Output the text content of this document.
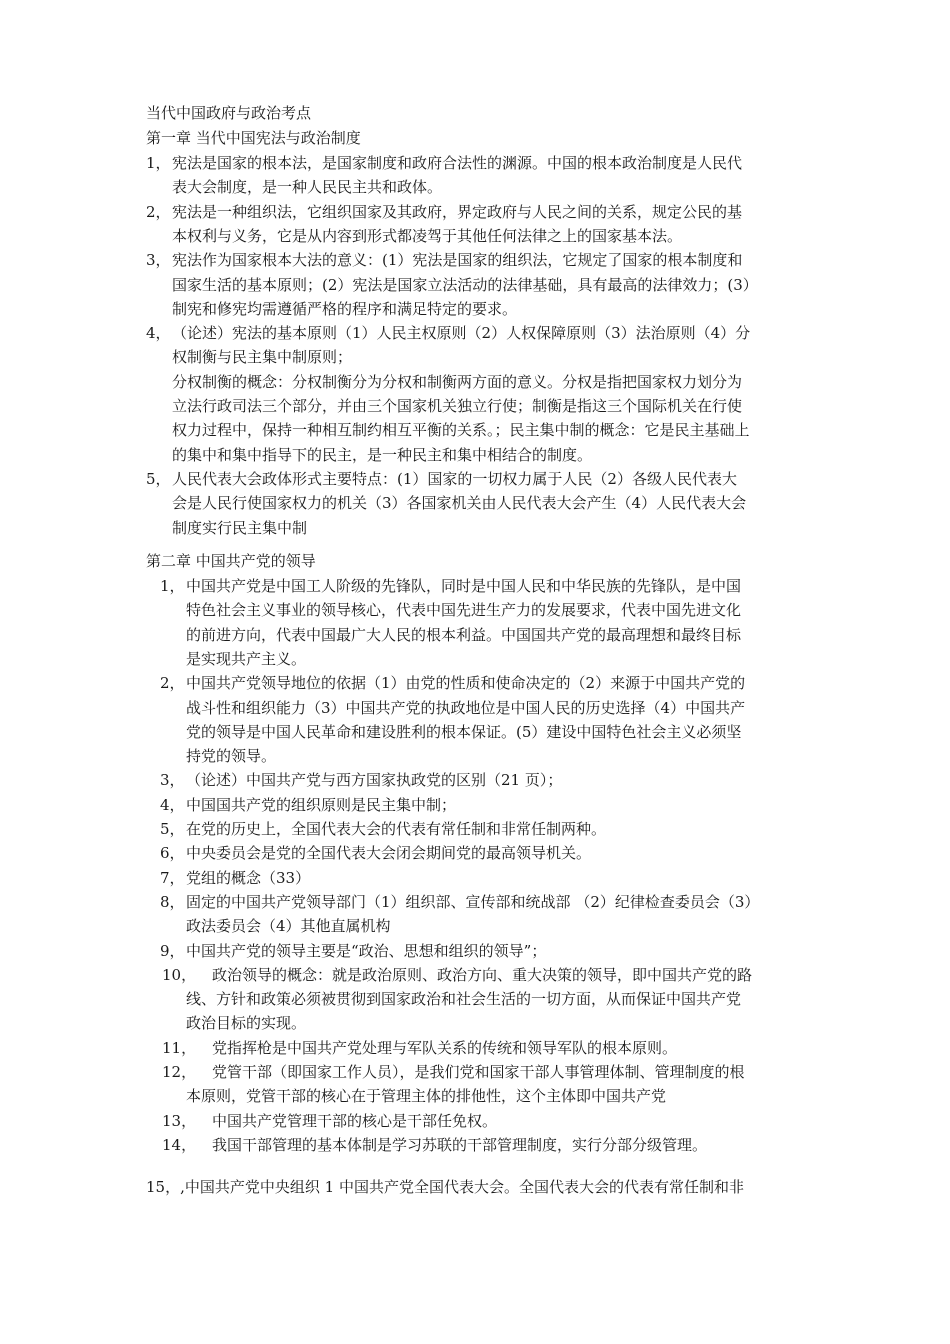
当代中国政府与政治考点
第一章 当代中国宪法与政治制度
1， 宪法是国家的根本法，是国家制度和政府合法性的渊源。中国的根本政治制度是人民代
表大会制度，是一种人民民主共和政体。
2， 宪法是一种组织法，它组织国家及其政府，界定政府与人民之间的关系，规定公民的基
本权利与义务，它是从内容到形式都凌驾于其他任何法律之上的国家基本法。
3， 宪法作为国家根本大法的意义：(1）宪法是国家的组织法，它规定了国家的根本制度和
国家生活的基本原则；(2）宪法是国家立法活动的法律基础，具有最高的法律效力；(3）
制宪和修宪均需遵循严格的程序和满足特定的要求。
4， （论述）宪法的基本原则（1）人民主权原则（2）人权保障原则（3）法治原则（4）分
权制衡与民主集中制原则；
分权制衡的概念：分权制衡分为分权和制衡两方面的意义。分权是指把国家权力划分为
立法行政司法三个部分，并由三个国家机关独立行使；制衡是指这三个国际机关在行使
权力过程中，保持一种相互制约相互平衡的关系。；民主集中制的概念：它是民主基础上
的集中和集中指导下的民主，是一种民主和集中相结合的制度。
5， 人民代表大会政体形式主要特点：(1）国家的一切权力属于人民（2）各级人民代表大
会是人民行使国家权力的机关（3）各国家机关由人民代表大会产生（4）人民代表大会
制度实行民主集中制
第二章 中国共产党的领导
1， 中国共产党是中国工人阶级的先锋队，同时是中国人民和中华民族的先锋队，是中国
特色社会主义事业的领导核心，代表中国先进生产力的发展要求，代表中国先进文化
的前进方向，代表中国最广大人民的根本利益。中国国共产党的最高理想和最终目标
是实现共产主义。
2， 中国共产党领导地位的依据（1）由党的性质和使命决定的（2）来源于中国共产党的
战斗性和组织能力（3）中国共产党的执政地位是中国人民的历史选择（4）中国共产
党的领导是中国人民革命和建设胜利的根本保证。(5）建设中国特色社会主义必须坚
持党的领导。
3， （论述）中国共产党与西方国家执政党的区别（21 页）；
4， 中国国共产党的组织原则是民主集中制；
5， 在党的历史上，全国代表大会的代表有常任制和非常任制两种。
6， 中央委员会是党的全国代表大会闭会期间党的最高领导机关。
7， 党组的概念（33）
8， 固定的中国共产党领导部门（1）组织部、宣传部和统战部 （2）纪律检查委员会（3）
政法委员会（4）其他直属机构
9， 中国共产党的领导主要是“政治、思想和组织的领导”；
10， 政治领导的概念：就是政治原则、政治方向、重大决策的领导，即中国共产党的路
线、方针和政策必须被贯彻到国家政治和社会生活的一切方面，从而保证中国共产党
政治目标的实现。
11， 党指挥枪是中国共产党处理与军队关系的传统和领导军队的根本原则。
12， 党管干部（即国家工作人员），是我们党和国家干部人事管理体制、管理制度的根
本原则，党管干部的核心在于管理主体的排他性，这个主体即中国共产党
13， 中国共产党管理干部的核心是干部任免权。
14， 我国干部管理的基本体制是学习苏联的干部管理制度，实行分部分级管理。
15，,中国共产党中央组织 1 中国共产党全国代表大会。全国代表大会的代表有常任制和非
